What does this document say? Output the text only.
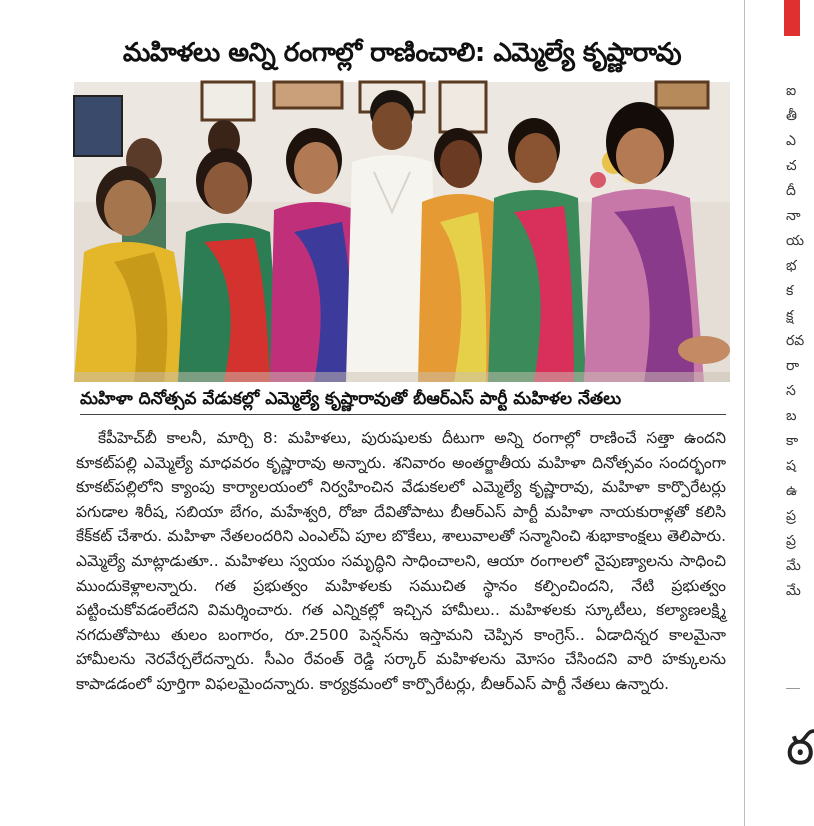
మహిళలు అన్ని రంగాల్లో రాణించాలి: ఎమ్మెల్యే కృష్ణారావు
మహిళా దినోత్సవ వేడుకల్లో ఎమ్మెల్యే కృష్ణారావుతో బీఆర్ఎస్ పార్టీ మహిళల నేతలు

కేపీహెచ్‌బీ కాలనీ, మార్చి 8: మహిళలు, పురుషులకు దీటుగా అన్ని రంగాల్లో రాణించే సత్తా ఉందని కూకట్‌పల్లి ఎమ్మెల్యే మాధవరం కృష్ణారావు అన్నారు. శనివారం అంతర్జాతీయ మహిళా దినోత్సవం సందర్భంగా కూకట్‌పల్లిలోని క్యాంపు కార్యాలయంలో నిర్వహించిన వేడుకలలో ఎమ్మెల్యే కృష్ణారావు, మహిళా కార్పొరేటర్లు పగుడాల శిరీష, సబియా బేగం, మహేశ్వరి, రోజా దేవితోపాటు బీఆర్ఎస్ పార్టీ మహిళా నాయకురాళ్లతో కలిసి కేక్‌కట్ చేశారు. మహిళా నేతలందరిని ఎంఎల్ఏ పూల బొకేలు, శాలువాలతో సన్మానించి శుభాకాంక్షలు తెలిపారు. ఎమ్మెల్యే మాట్లాడుతూ.. మహిళలు స్వయం సమృద్ధిని సాధించాలని, ఆయా రంగాలలో నైపుణ్యాలను సాధించి ముందుకెళ్లాలన్నారు. గత ప్రభుత్వం మహిళలకు సముచిత స్థానం కల్పించిందని, నేటి ప్రభుత్వం పట్టించుకోవడంలేదని విమర్శించారు. గత ఎన్నికల్లో ఇచ్చిన హామీలు.. మహిళలకు స్కూటీలు, కల్యాణలక్ష్మి నగదుతోపాటు తులం బంగారం, రూ.2500 పెన్షన్‌ను ఇస్తామని చెప్పిన కాంగ్రెస్‌.. ఏడాదిన్నర కాలమైనా హామీలను నెరవేర్చలేదన్నారు. సీఎం రేవంత్ రెడ్డి సర్కార్ మహిళలను మోసం చేసిందని వారి హక్కులను కాపాడడంలో పూర్తిగా విఫలమైందన్నారు. కార్యక్రమంలో కార్పొరేటర్లు, బీఆర్ఎస్ పార్టీ నేతలు ఉన్నారు.

ఐ
తీ
ఎ
చ
దీ
నా
య
భ
క
క్ష
రవ
రా
స
బ
కా
ష
ఉ
ప్ర
ప్ర
మే
మే
ఠ
